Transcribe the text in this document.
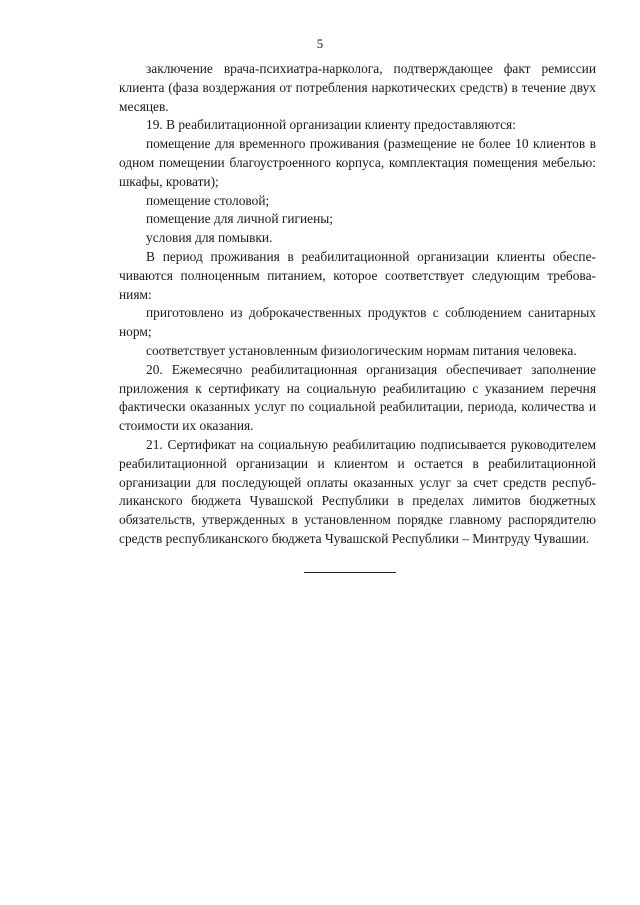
5

заключение врача-психиатра-нарколога, подтверждающее факт ремиссии клиента (фаза воздержания от потребления наркотических средств) в течение двух месяцев.

19. В реабилитационной организации клиенту предоставляются:

помещение для временного проживания (размещение не более 10 клиентов в одном помещении благоустроенного корпуса, комплектация помещения мебелью: шкафы, кровати);

помещение столовой;

помещение для личной гигиены;

условия для помывки.

В период проживания в реабилитационной организации клиенты обеспечиваются полноценным питанием, которое соответствует следующим требованиям:

приготовлено из доброкачественных продуктов с соблюдением санитарных норм;

соответствует установленным физиологическим нормам питания человека.

20. Ежемесячно реабилитационная организация обеспечивает заполнение приложения к сертификату на социальную реабилитацию с указанием перечня фактически оказанных услуг по социальной реабилитации, периода, количества и стоимости их оказания.

21. Сертификат на социальную реабилитацию подписывается руководителем реабилитационной организации и клиентом и остается в реабилитационной организации для последующей оплаты оказанных услуг за счет средств республиканского бюджета Чувашской Республики в пределах лимитов бюджетных обязательств, утвержденных в установленном порядке главному распорядителю средств республиканского бюджета Чувашской Республики – Минтруду Чувашии.
